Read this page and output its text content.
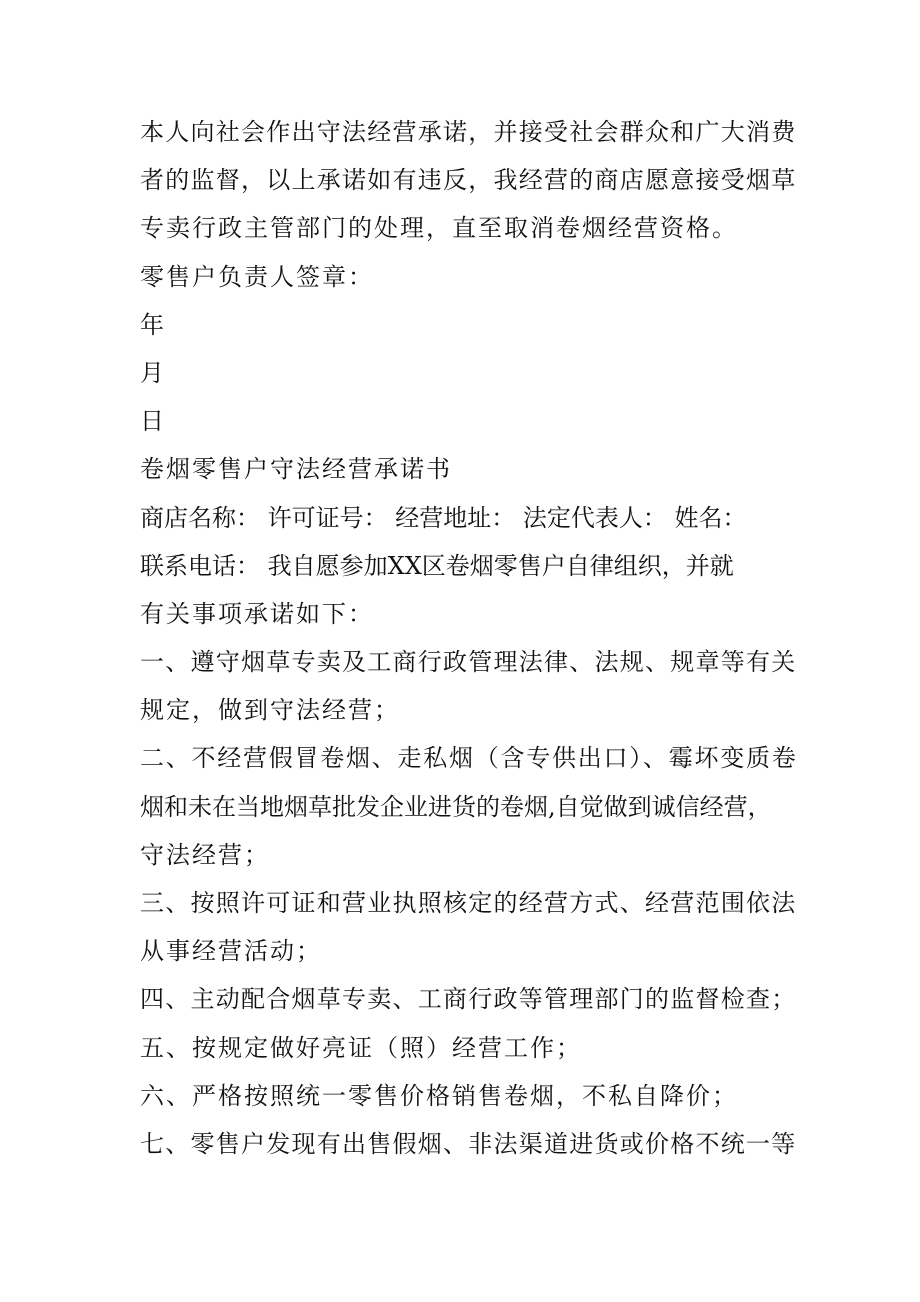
本人向社会作出守法经营承诺，并接受社会群众和广大消费
者的监督，以上承诺如有违反，我经营的商店愿意接受烟草
专卖行政主管部门的处理，直至取消卷烟经营资格。
零售户负责人签章：
年
月
日
卷烟零售户守法经营承诺书
商店名称： 许可证号： 经营地址： 法定代表人： 姓名：
联系电话： 我自愿参加XX区卷烟零售户自律组织，并就
有关事项承诺如下：
一、遵守烟草专卖及工商行政管理法律、法规、规章等有关
规定，做到守法经营；
二、不经营假冒卷烟、走私烟（含专供出口）、霉坏变质卷
烟和未在当地烟草批发企业进货的卷烟,自觉做到诚信经营，
守法经营；
三、按照许可证和营业执照核定的经营方式、经营范围依法
从事经营活动；
四、主动配合烟草专卖、工商行政等管理部门的监督检查；
五、按规定做好亮证（照）经营工作；
六、严格按照统一零售价格销售卷烟，不私自降价；
七、零售户发现有出售假烟、非法渠道进货或价格不统一等
